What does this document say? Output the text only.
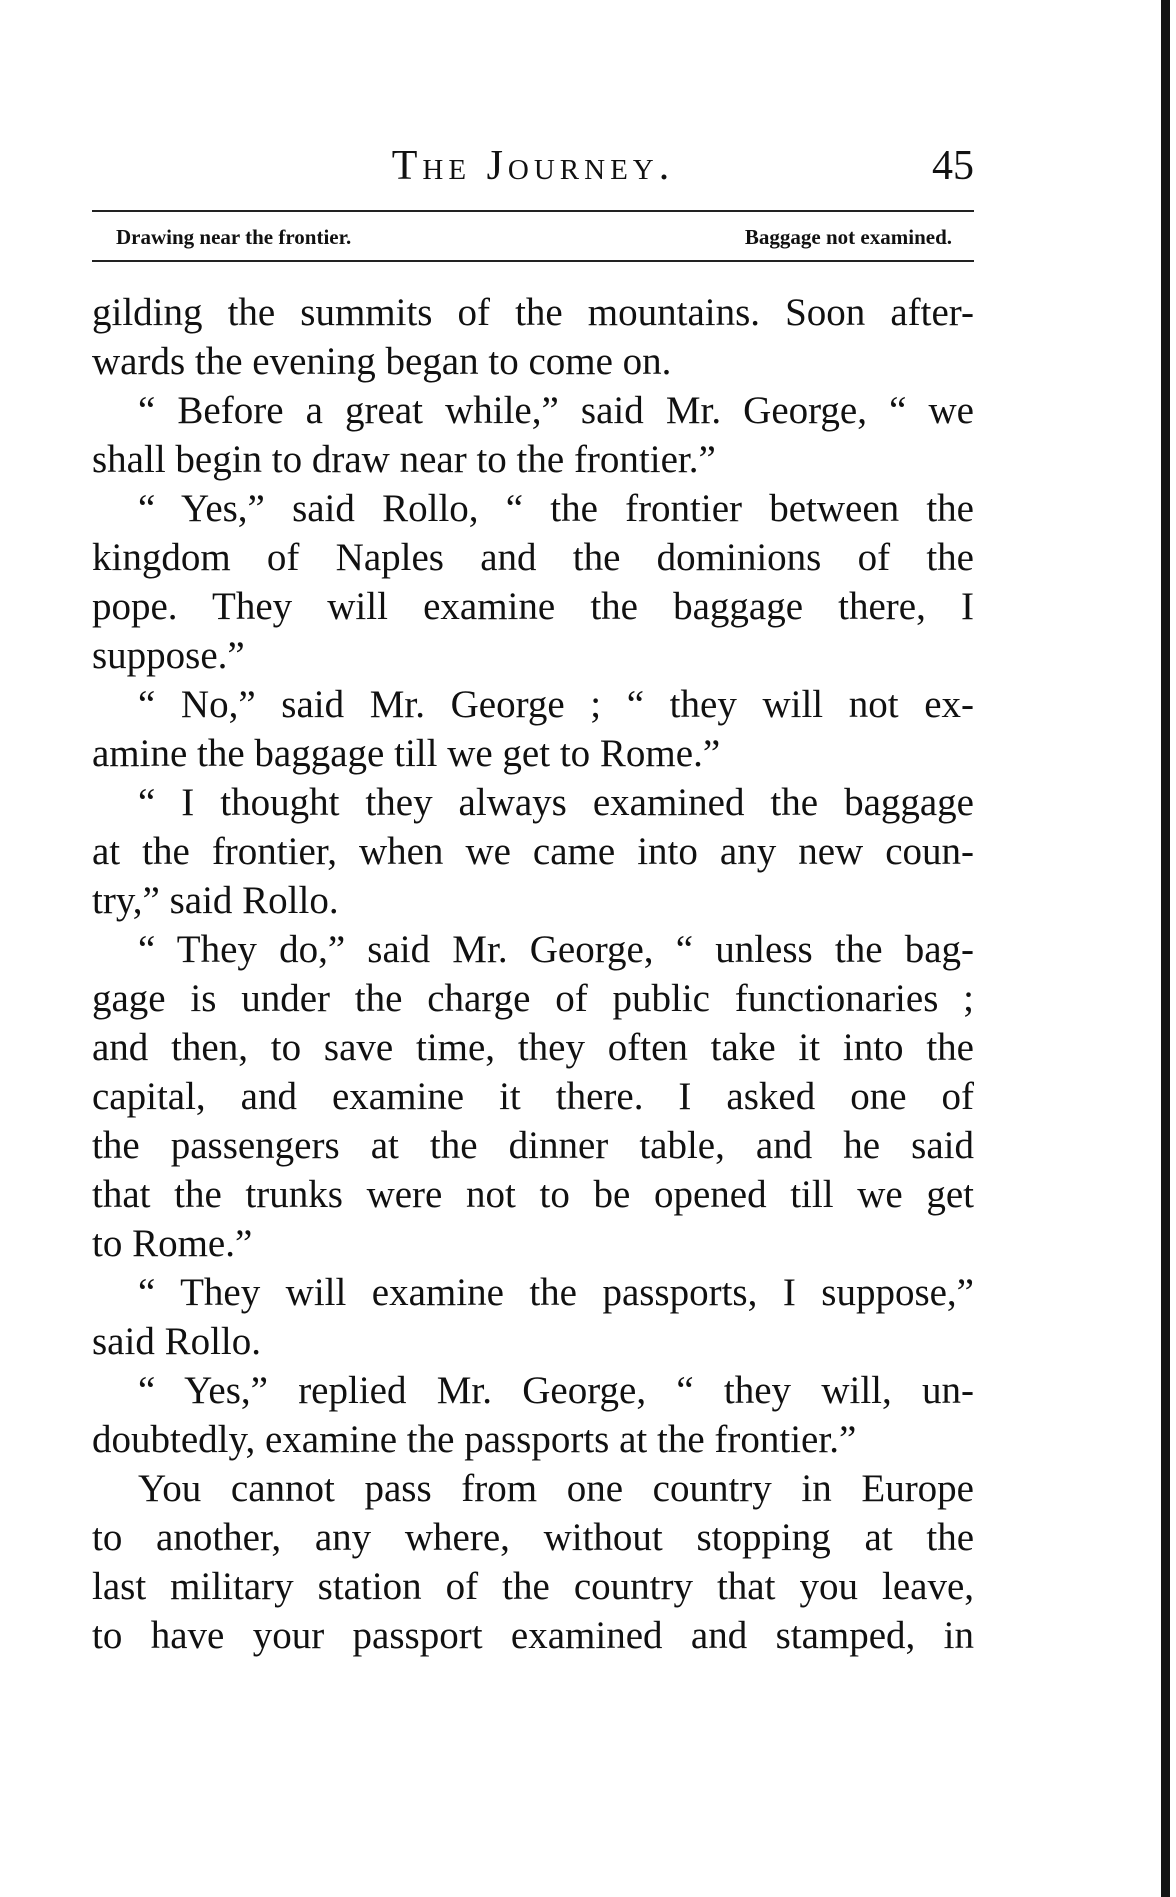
The Journey.	45
Drawing near the frontier.	Baggage not examined.
gilding the summits of the mountains. Soon after-
wards the evening began to come on.
“ Before a great while,” said Mr. George, “ we
shall begin to draw near to the frontier.”
“ Yes,” said Rollo, “ the frontier between the
kingdom of Naples and the dominions of the
pope. They will examine the baggage there, I
suppose.”
“ No,” said Mr. George ; “ they will not ex-
amine the baggage till we get to Rome.”
“ I thought they always examined the baggage
at the frontier, when we came into any new coun-
try,” said Rollo.
“ They do,” said Mr. George, “ unless the bag-
gage is under the charge of public functionaries ;
and then, to save time, they often take it into the
capital, and examine it there. I asked one of
the passengers at the dinner table, and he said
that the trunks were not to be opened till we get
to Rome.”
“ They will examine the passports, I suppose,”
said Rollo.
“ Yes,” replied Mr. George, “ they will, un-
doubtedly, examine the passports at the frontier.”
You cannot pass from one country in Europe
to another, any where, without stopping at the
last military station of the country that you leave,
to have your passport examined and stamped, in
